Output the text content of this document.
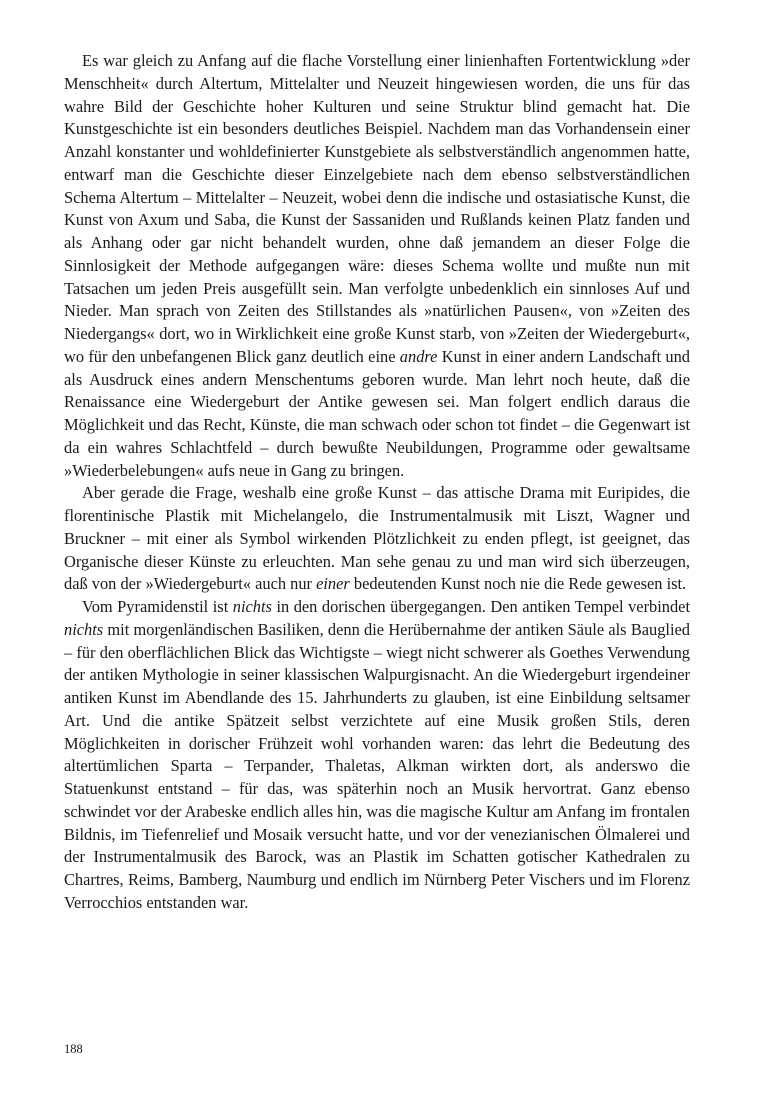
Es war gleich zu Anfang auf die flache Vorstellung einer linienhaften Fortentwicklung »der Menschheit« durch Altertum, Mittelalter und Neuzeit hingewiesen worden, die uns für das wahre Bild der Geschichte hoher Kulturen und seine Struktur blind gemacht hat. Die Kunstgeschichte ist ein besonders deutliches Beispiel. Nachdem man das Vorhandensein einer Anzahl konstanter und wohldefinierter Kunstgebiete als selbstverständlich angenommen hatte, entwarf man die Geschichte dieser Einzelgebiete nach dem ebenso selbstverständlichen Schema Altertum – Mittelalter – Neuzeit, wobei denn die indische und ostasiatische Kunst, die Kunst von Axum und Saba, die Kunst der Sassaniden und Rußlands keinen Platz fanden und als Anhang oder gar nicht behandelt wurden, ohne daß jemandem an dieser Folge die Sinnlosigkeit der Methode aufgegangen wäre: dieses Schema wollte und mußte nun mit Tatsachen um jeden Preis ausgefüllt sein. Man verfolgte unbedenklich ein sinnloses Auf und Nieder. Man sprach von Zeiten des Stillstandes als »natürlichen Pausen«, von »Zeiten des Niedergangs« dort, wo in Wirklichkeit eine große Kunst starb, von »Zeiten der Wiedergeburt«, wo für den unbefangenen Blick ganz deutlich eine andre Kunst in einer andern Landschaft und als Ausdruck eines andern Menschentums geboren wurde. Man lehrt noch heute, daß die Renaissance eine Wiedergeburt der Antike gewesen sei. Man folgert endlich daraus die Möglichkeit und das Recht, Künste, die man schwach oder schon tot findet – die Gegenwart ist da ein wahres Schlachtfeld – durch bewußte Neubildungen, Programme oder gewaltsame »Wiederbelebungen« aufs neue in Gang zu bringen.

Aber gerade die Frage, weshalb eine große Kunst – das attische Drama mit Euripides, die florentinische Plastik mit Michelangelo, die Instrumentalmusik mit Liszt, Wagner und Bruckner – mit einer als Symbol wirkenden Plötzlichkeit zu enden pflegt, ist geeignet, das Organische dieser Künste zu erleuchten. Man sehe genau zu und man wird sich überzeugen, daß von der »Wiedergeburt« auch nur einer bedeutenden Kunst noch nie die Rede gewesen ist.

Vom Pyramidenstil ist nichts in den dorischen übergegangen. Den antiken Tempel verbindet nichts mit morgenländischen Basiliken, denn die Herübernahme der antiken Säule als Bauglied – für den oberflächlichen Blick das Wichtigste – wiegt nicht schwerer als Goethes Verwendung der antiken Mythologie in seiner klassischen Walpurgisnacht. An die Wiedergeburt irgendeiner antiken Kunst im Abendlande des 15. Jahrhunderts zu glauben, ist eine Einbildung seltsamer Art. Und die antike Spätzeit selbst verzichtete auf eine Musik großen Stils, deren Möglichkeiten in dorischer Frühzeit wohl vorhanden waren: das lehrt die Bedeutung des altertümlichen Sparta – Terpander, Thaletas, Alkman wirkten dort, als anderswo die Statuenkunst entstand – für das, was späterhin noch an Musik hervortrat. Ganz ebenso schwindet vor der Arabeske endlich alles hin, was die magische Kultur am Anfang im frontalen Bildnis, im Tiefenrelief und Mosaik versucht hatte, und vor der venezianischen Ölmalerei und der Instrumentalmusik des Barock, was an Plastik im Schatten gotischer Kathedralen zu Chartres, Reims, Bamberg, Naumburg und endlich im Nürnberg Peter Vischers und im Florenz Verrocchios entstanden war.

188
